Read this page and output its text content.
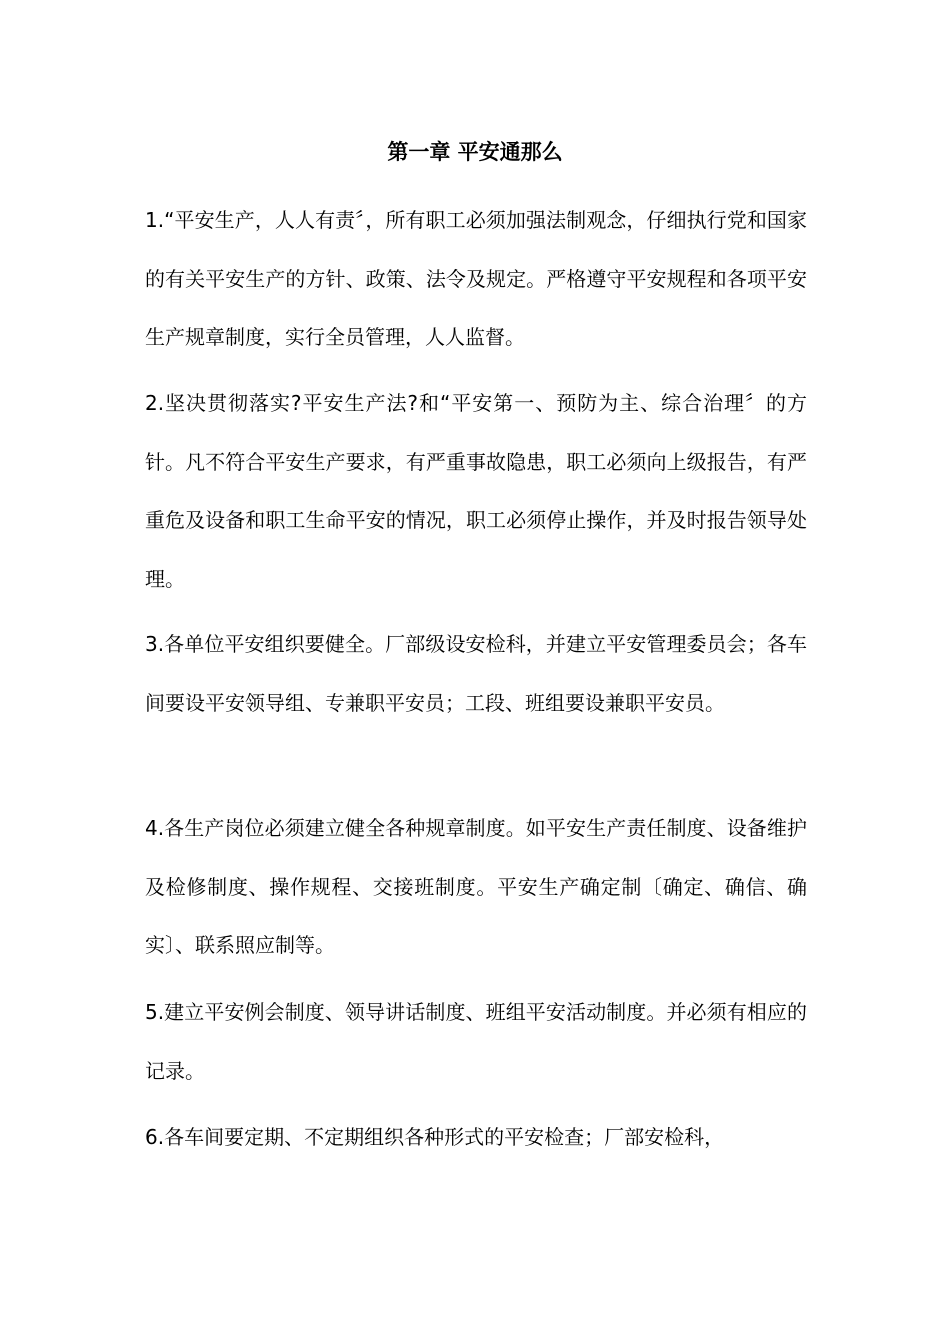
第一章 平安通那么

1.“平安生产，人人有责〞，所有职工必须加强法制观念，仔细执行党和国家的有关平安生产的方针、政策、法令及规定。严格遵守平安规程和各项平安生产规章制度，实行全员管理，人人监督。

2.坚决贯彻落实?平安生产法?和“平安第一、预防为主、综合治理〞的方针。凡不符合平安生产要求，有严重事故隐患，职工必须向上级报告，有严重危及设备和职工生命平安的情况，职工必须停止操作，并及时报告领导处理。

3.各单位平安组织要健全。厂部级设安检科，并建立平安管理委员会；各车间要设平安领导组、专兼职平安员；工段、班组要设兼职平安员。

4.各生产岗位必须建立健全各种规章制度。如平安生产责任制度、设备维护及检修制度、操作规程、交接班制度。平安生产确定制〔确定、确信、确实〕、联系照应制等。

5.建立平安例会制度、领导讲话制度、班组平安活动制度。并必须有相应的记录。

6.各车间要定期、不定期组织各种形式的平安检查；厂部安检科，
